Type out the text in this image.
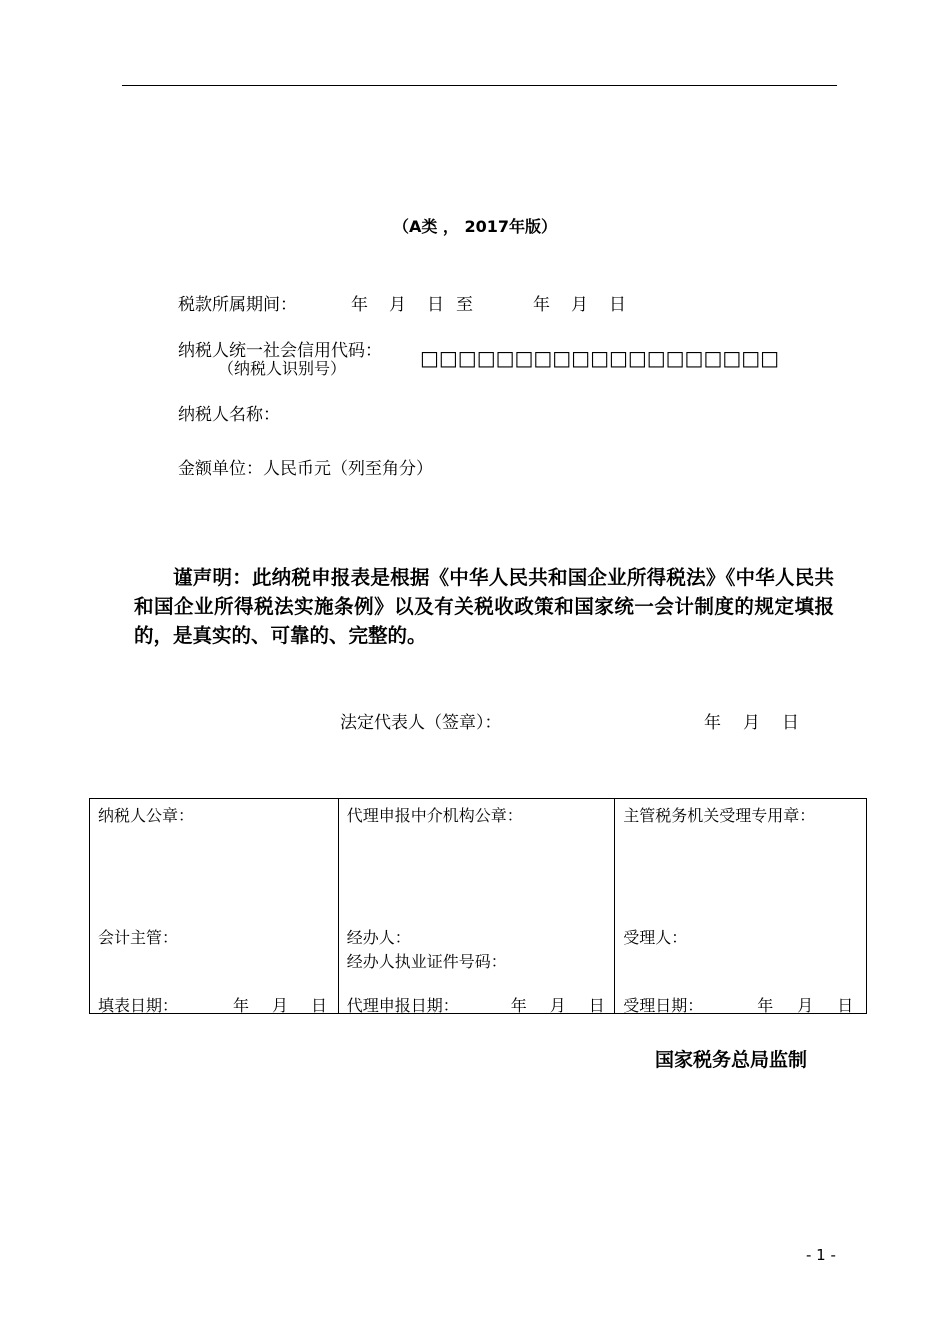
（A类 ， 2017年版）
税款所属期间：	年 月 日 至	年 月 日
纳税人统一社会信用代码：
（纳税人识别号）	□□□□□□□□□□□□□□□□□□□
纳税人名称：
金额单位：人民币元（列至角分）
谨声明：此纳税申报表是根据《中华人民共和国企业所得税法》《中华人民共和国企业所得税法实施条例》以及有关税收政策和国家统一会计制度的规定填报的，是真实的、可靠的、完整的。
法定代表人（签章）：	年 月 日
纳税人公章：
会计主管：
填表日期：	年 月 日

代理申报中介机构公章：
经办人：
经办人执业证件号码：
代理申报日期：	年 月 日

主管税务机关受理专用章：
受理人：
受理日期：	年 月 日
国家税务总局监制
- 1 -
